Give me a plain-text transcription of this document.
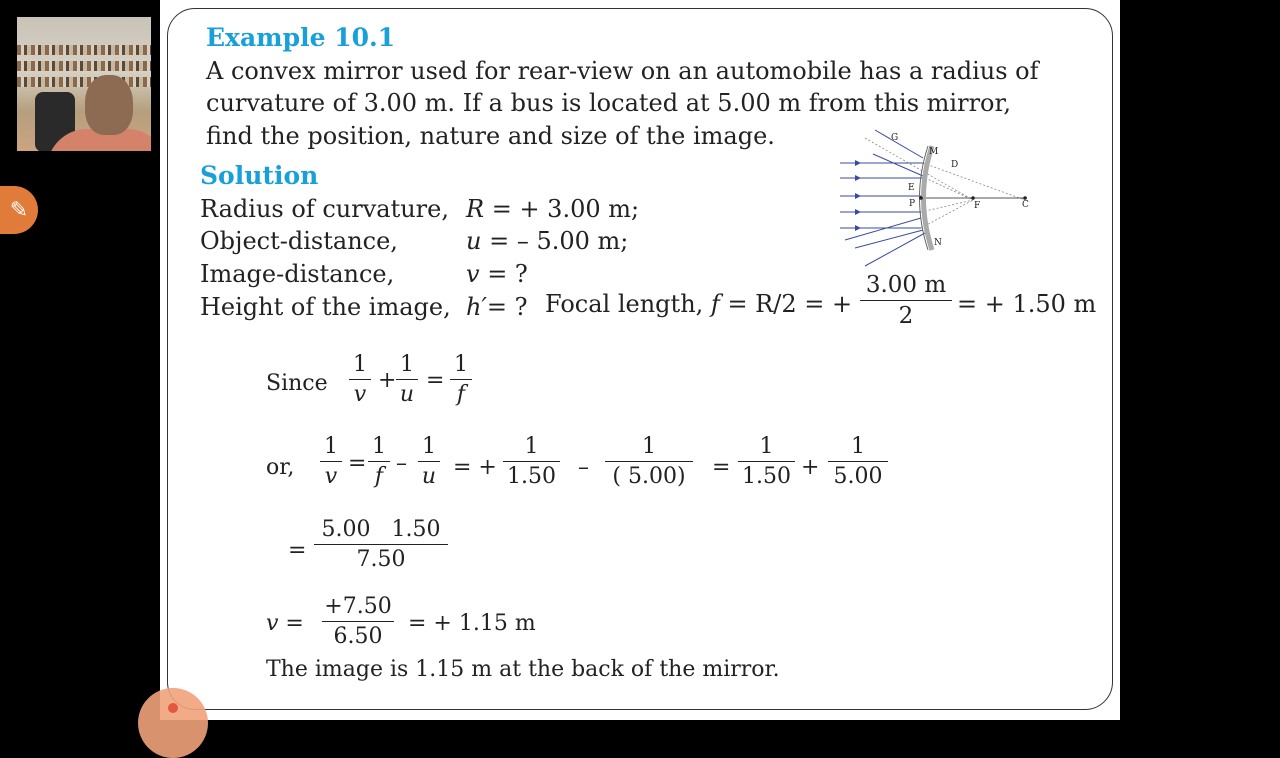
Example 10.1
A convex mirror used for rear-view on an automobile has a radius of
curvature of 3.00 m. If a bus is located at 5.00 m from this mirror,
find the position, nature and size of the image.
Solution
Radius of curvature, R = + 3.00 m;
Object-distance,	u = – 5.00 m;
Image-distance,	v = ?
Height of the image, h′= ? Focal length, f = R/2 = +
3.00 m
2	= + 1.50 m
G
M
D
E
P	F	C
N
Since
1
v
+
1
u
=
1
f
or,
1
v
=
1
f
–
1
u = +
1
1.50 –
1
( 5.00)	=
1
1.50 +
1
5.00
=
5.00   1.50
7.50
v =
+7.50
6.50
= + 1.15 m
The image is 1.15 m at the back of the mirror.
✎
